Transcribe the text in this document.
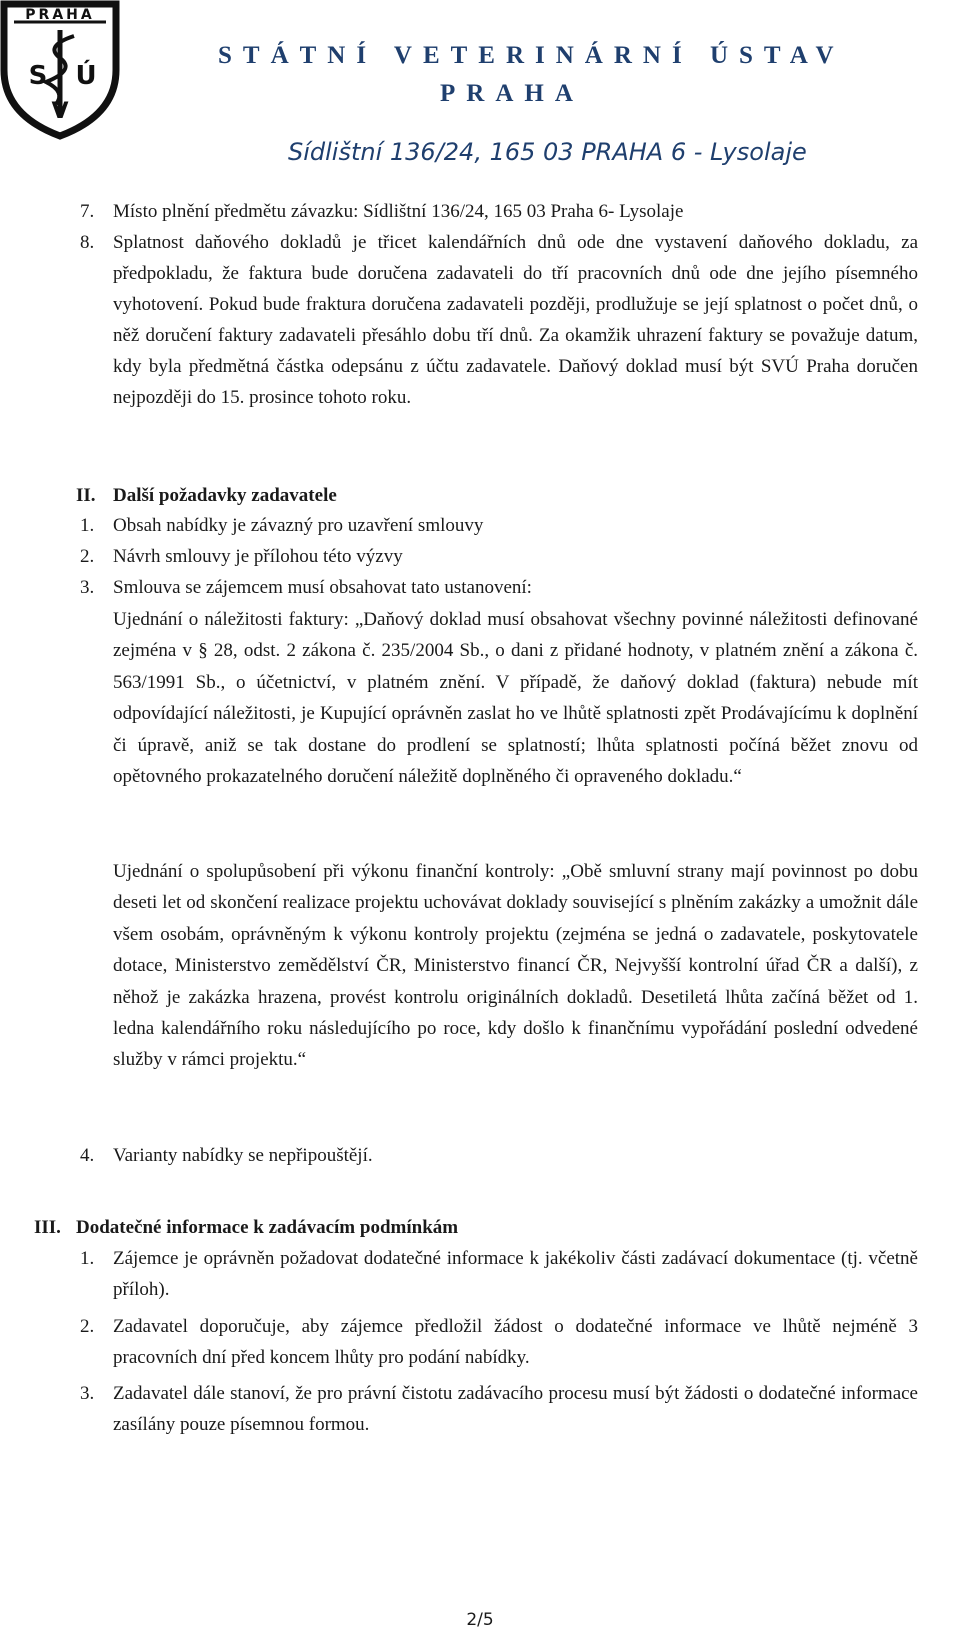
PRAHA
S
V
Ú
STÁTNÍ VETERINÁRNÍ ÚSTAV
PRAHA
Sídlištní 136/24, 165 03 PRAHA 6 - Lysolaje
7. Místo plnění předmětu závazku: Sídlištní 136/24, 165 03 Praha 6- Lysolaje
8. Splatnost daňového dokladů je třicet kalendářních dnů ode dne vystavení daňového dokladu, za předpokladu, že faktura bude doručena zadavateli do tří pracovních dnů ode dne jejího písemného vyhotovení. Pokud bude fraktura doručena zadavateli později, prodlužuje se její splatnost o počet dnů, o něž doručení faktury zadavateli přesáhlo dobu tří dnů. Za okamžik uhrazení faktury se považuje datum, kdy byla předmětná částka odepsánu z účtu zadavatele. Daňový doklad musí být SVÚ Praha doručen nejpozději do 15. prosince tohoto roku.
II. Další požadavky zadavatele
1. Obsah nabídky je závazný pro uzavření smlouvy
2. Návrh smlouvy je přílohou této výzvy
3. Smlouva se zájemcem musí obsahovat tato ustanovení:
Ujednání o náležitosti faktury: „Daňový doklad musí obsahovat všechny povinné náležitosti definované zejména v § 28, odst. 2 zákona č. 235/2004 Sb., o dani z přidané hodnoty, v platném znění a zákona č. 563/1991 Sb., o účetnictví, v platném znění. V případě, že daňový doklad (faktura) nebude mít odpovídající náležitosti, je Kupující oprávněn zaslat ho ve lhůtě splatnosti zpět Prodávajícímu k doplnění či úpravě, aniž se tak dostane do prodlení se splatností; lhůta splatnosti počíná běžet znovu od opětovného prokazatelného doručení náležitě doplněného či opraveného dokladu.“
Ujednání o spolupůsobení při výkonu finanční kontroly: „Obě smluvní strany mají povinnost po dobu deseti let od skončení realizace projektu uchovávat doklady související s plněním zakázky a umožnit dále všem osobám, oprávněným k výkonu kontroly projektu (zejména se jedná o zadavatele, poskytovatele dotace, Ministerstvo zemědělství ČR, Ministerstvo financí ČR, Nejvyšší kontrolní úřad ČR a další), z něhož je zakázka hrazena, provést kontrolu originálních dokladů. Desetiletá lhůta začíná běžet od 1. ledna kalendářního roku následujícího po roce, kdy došlo k finančnímu vypořádání poslední odvedené služby v rámci projektu.“
4. Varianty nabídky se nepřipouštějí.
III. Dodatečné informace k zadávacím podmínkám
1. Zájemce je oprávněn požadovat dodatečné informace k jakékoliv části zadávací dokumentace (tj. včetně příloh).
2. Zadavatel doporučuje, aby zájemce předložil žádost o dodatečné informace ve lhůtě nejméně 3 pracovních dní před koncem lhůty pro podání nabídky.
3. Zadavatel dále stanoví, že pro právní čistotu zadávacího procesu musí být žádosti o dodatečné informace zasílány pouze písemnou formou.
2/5
